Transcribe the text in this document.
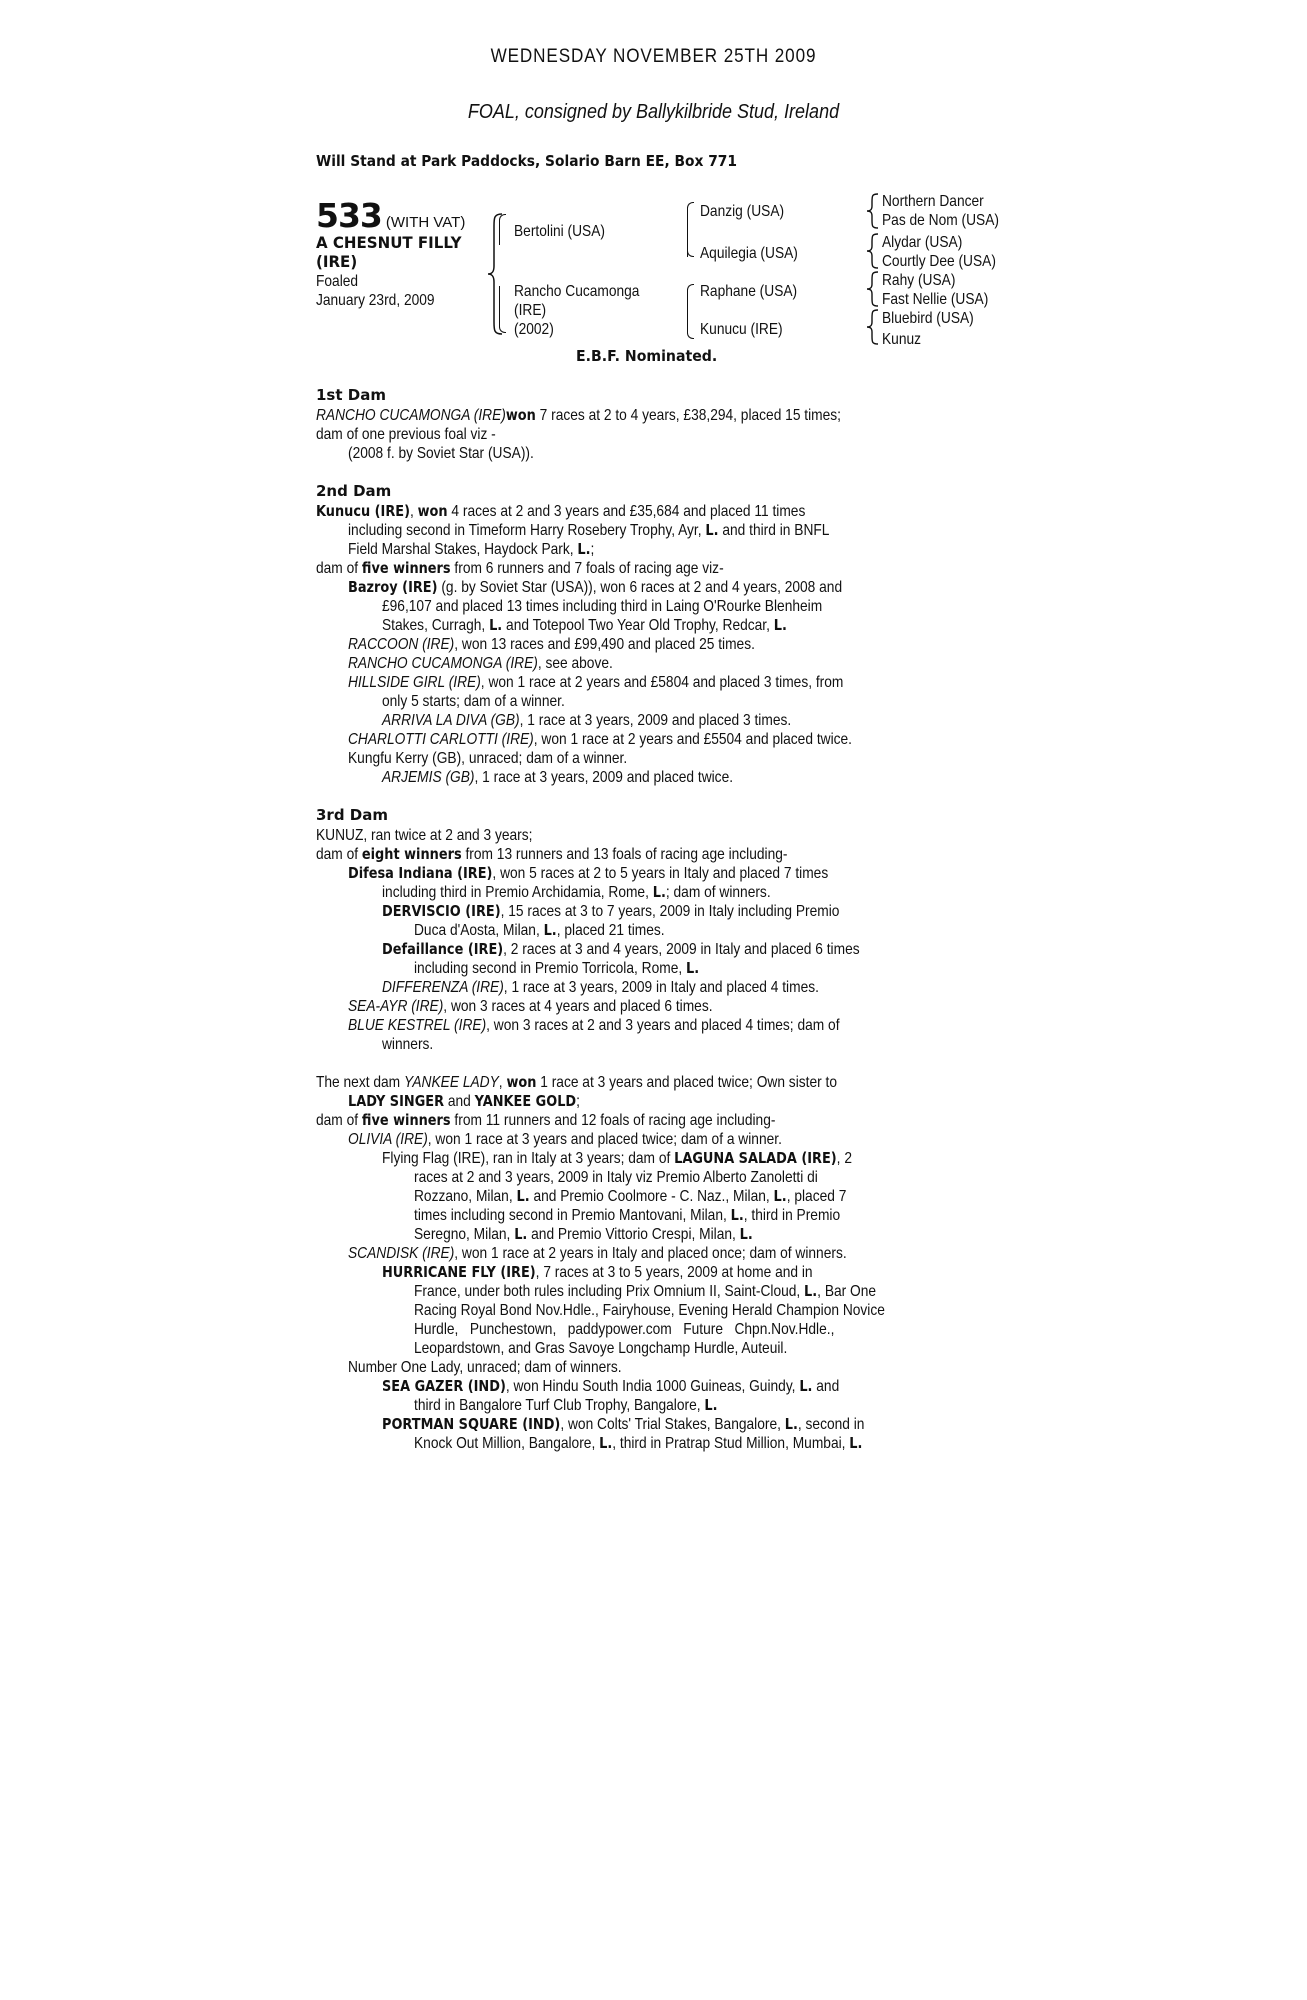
WEDNESDAY NOVEMBER 25TH 2009
FOAL, consigned by Ballykilbride Stud, Ireland
Will Stand at Park Paddocks, Solario Barn EE, Box 771
533 (WITH VAT)
A CHESNUT FILLY
(IRE)
Foaled
January 23rd, 2009
Bertolini (USA)
Rancho Cucamonga
(IRE)
(2002)
Danzig (USA)
Aquilegia (USA)
Raphane (USA)
Kunucu (IRE)
Northern Dancer
Pas de Nom (USA)
Alydar (USA)
Courtly Dee (USA)
Rahy (USA)
Fast Nellie (USA)
Bluebird (USA)
Kunuz
E.B.F. Nominated.
1st Dam
RANCHO CUCAMONGA (IRE)won 7 races at 2 to 4 years, £38,294, placed 15 times;
dam of one previous foal viz -
(2008 f. by Soviet Star (USA)).
2nd Dam
Kunucu (IRE), won 4 races at 2 and 3 years and £35,684 and placed 11 times
including second in Timeform Harry Rosebery Trophy, Ayr, L. and third in BNFL
Field Marshal Stakes, Haydock Park, L.;
dam of five winners from 6 runners and 7 foals of racing age viz-
Bazroy (IRE) (g. by Soviet Star (USA)), won 6 races at 2 and 4 years, 2008 and
£96,107 and placed 13 times including third in Laing O'Rourke Blenheim
Stakes, Curragh, L. and Totepool Two Year Old Trophy, Redcar, L.
RACCOON (IRE), won 13 races and £99,490 and placed 25 times.
RANCHO CUCAMONGA (IRE), see above.
HILLSIDE GIRL (IRE), won 1 race at 2 years and £5804 and placed 3 times, from
only 5 starts; dam of a winner.
ARRIVA LA DIVA (GB), 1 race at 3 years, 2009 and placed 3 times.
CHARLOTTI CARLOTTI (IRE), won 1 race at 2 years and £5504 and placed twice.
Kungfu Kerry (GB), unraced; dam of a winner.
ARJEMIS (GB), 1 race at 3 years, 2009 and placed twice.
3rd Dam
KUNUZ, ran twice at 2 and 3 years;
dam of eight winners from 13 runners and 13 foals of racing age including-
Difesa Indiana (IRE), won 5 races at 2 to 5 years in Italy and placed 7 times
including third in Premio Archidamia, Rome, L.; dam of winners.
DERVISCIO (IRE), 15 races at 3 to 7 years, 2009 in Italy including Premio
Duca d'Aosta, Milan, L., placed 21 times.
Defaillance (IRE), 2 races at 3 and 4 years, 2009 in Italy and placed 6 times
including second in Premio Torricola, Rome, L.
DIFFERENZA (IRE), 1 race at 3 years, 2009 in Italy and placed 4 times.
SEA-AYR (IRE), won 3 races at 4 years and placed 6 times.
BLUE KESTREL (IRE), won 3 races at 2 and 3 years and placed 4 times; dam of
winners.
The next dam YANKEE LADY, won 1 race at 3 years and placed twice; Own sister to
LADY SINGER and YANKEE GOLD;
dam of five winners from 11 runners and 12 foals of racing age including-
OLIVIA (IRE), won 1 race at 3 years and placed twice; dam of a winner.
Flying Flag (IRE), ran in Italy at 3 years; dam of LAGUNA SALADA (IRE), 2
races at 2 and 3 years, 2009 in Italy viz Premio Alberto Zanoletti di
Rozzano, Milan, L. and Premio Coolmore - C. Naz., Milan, L., placed 7
times including second in Premio Mantovani, Milan, L., third in Premio
Seregno, Milan, L. and Premio Vittorio Crespi, Milan, L.
SCANDISK (IRE), won 1 race at 2 years in Italy and placed once; dam of winners.
HURRICANE FLY (IRE), 7 races at 3 to 5 years, 2009 at home and in
France, under both rules including Prix Omnium II, Saint-Cloud, L., Bar One
Racing Royal Bond Nov.Hdle., Fairyhouse, Evening Herald Champion Novice
Hurdle,   Punchestown,   paddypower.com   Future   Chpn.Nov.Hdle.,
Leopardstown, and Gras Savoye Longchamp Hurdle, Auteuil.
Number One Lady, unraced; dam of winners.
SEA GAZER (IND), won Hindu South India 1000 Guineas, Guindy, L. and
third in Bangalore Turf Club Trophy, Bangalore, L.
PORTMAN SQUARE (IND), won Colts' Trial Stakes, Bangalore, L., second in
Knock Out Million, Bangalore, L., third in Pratrap Stud Million, Mumbai, L.
